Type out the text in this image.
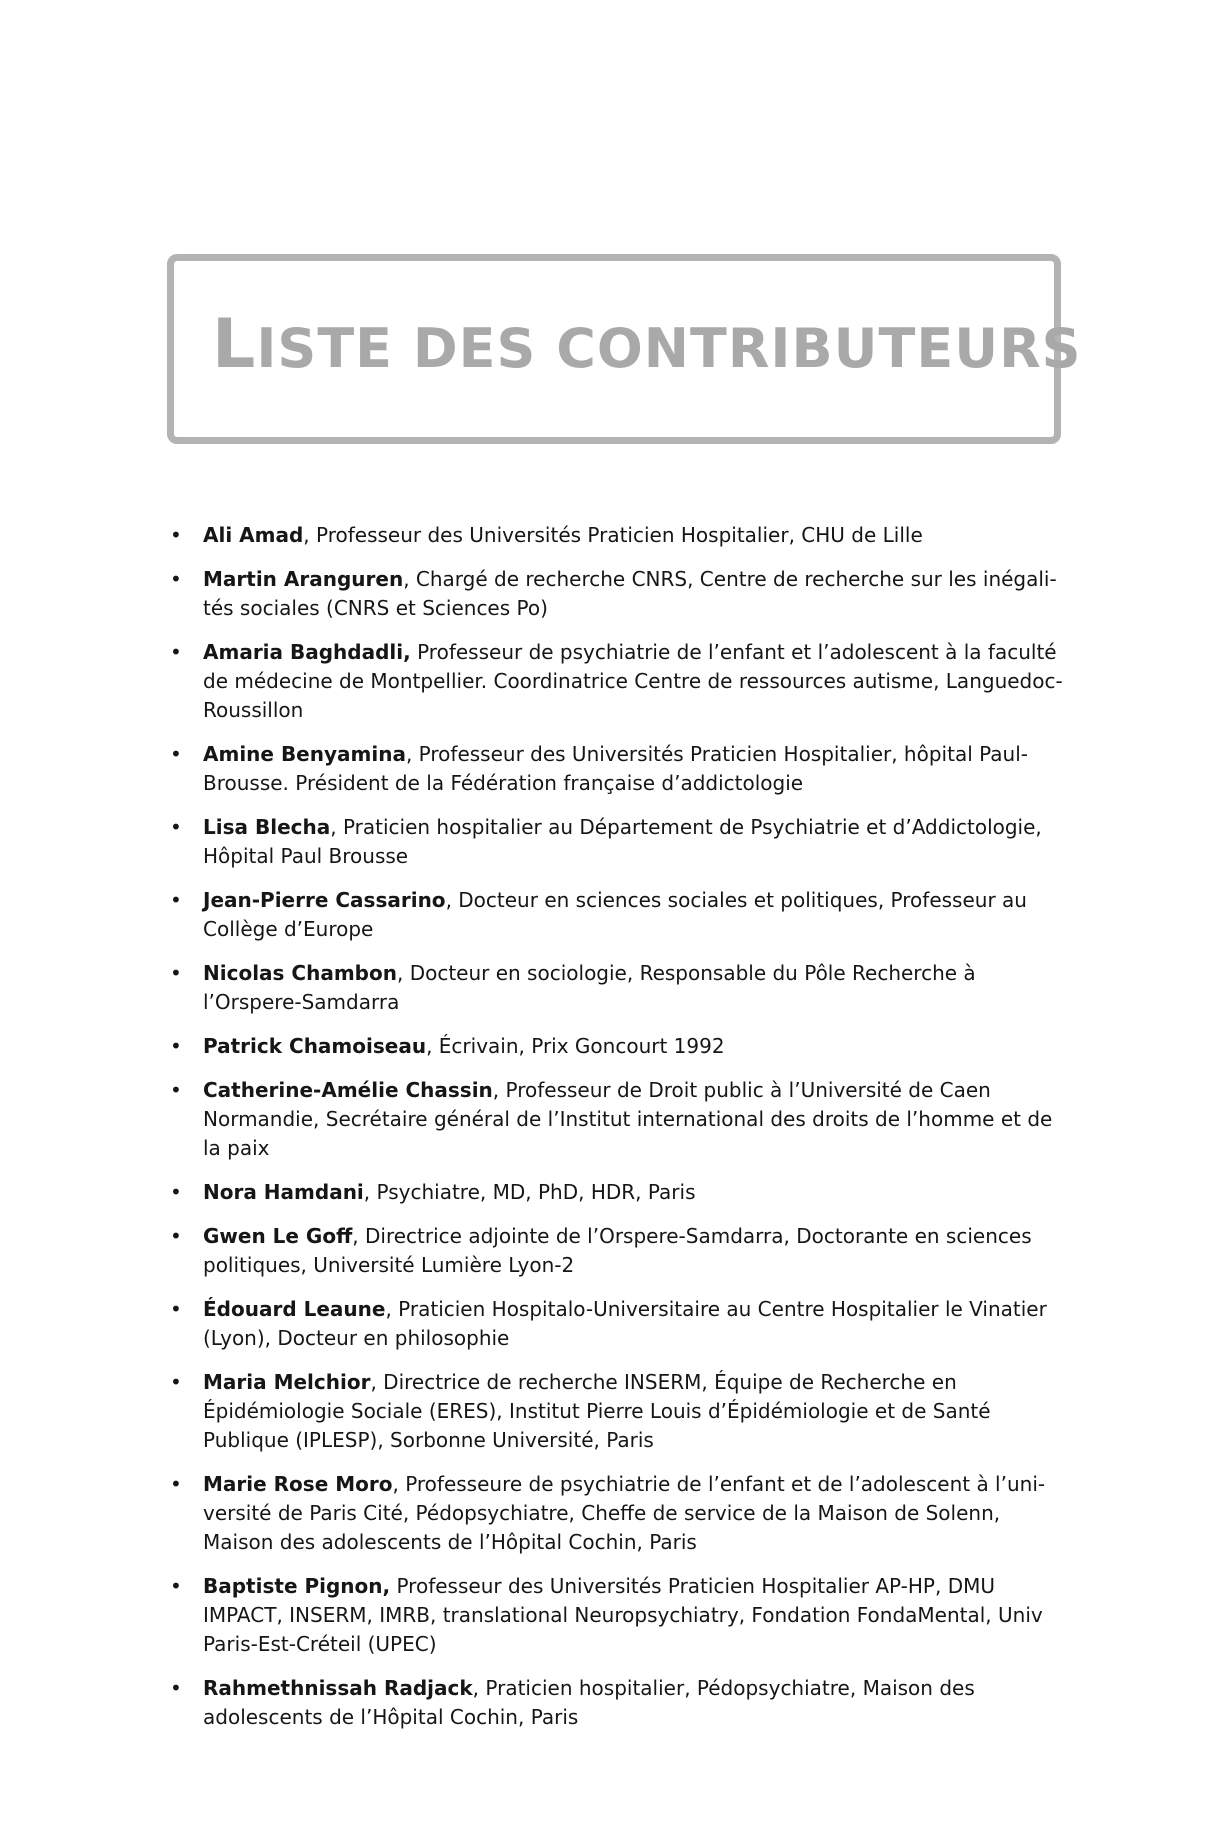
LISTE DES CONTRIBUTEURS
• Ali Amad, Professeur des Universités Praticien Hospitalier, CHU de Lille
• Martin Aranguren, Chargé de recherche CNRS, Centre de recherche sur les inégalités sociales (CNRS et Sciences Po)
• Amaria Baghdadli, Professeur de psychiatrie de l’enfant et l’adolescent à la faculté de médecine de Montpellier. Coordinatrice Centre de ressources autisme, Languedoc-Roussillon
• Amine Benyamina, Professeur des Universités Praticien Hospitalier, hôpital Paul-Brousse. Président de la Fédération française d’addictologie
• Lisa Blecha, Praticien hospitalier au Département de Psychiatrie et d’Addictologie, Hôpital Paul Brousse
• Jean-Pierre Cassarino, Docteur en sciences sociales et politiques, Professeur au Collège d’Europe
• Nicolas Chambon, Docteur en sociologie, Responsable du Pôle Recherche à l’Orspere-Samdarra
• Patrick Chamoiseau, Écrivain, Prix Goncourt 1992
• Catherine-Amélie Chassin, Professeur de Droit public à l’Université de Caen Normandie, Secrétaire général de l’Institut international des droits de l’homme et de la paix
• Nora Hamdani, Psychiatre, MD, PhD, HDR, Paris
• Gwen Le Goff, Directrice adjointe de l’Orspere-Samdarra, Doctorante en sciences politiques, Université Lumière Lyon-2
• Édouard Leaune, Praticien Hospitalo-Universitaire au Centre Hospitalier le Vinatier (Lyon), Docteur en philosophie
• Maria Melchior, Directrice de recherche INSERM, Équipe de Recherche en Épidémiologie Sociale (ERES), Institut Pierre Louis d’Épidémiologie et de Santé Publique (IPLESP), Sorbonne Université, Paris
• Marie Rose Moro, Professeure de psychiatrie de l’enfant et de l’adolescent à l’université de Paris Cité, Pédopsychiatre, Cheffe de service de la Maison de Solenn, Maison des adolescents de l’Hôpital Cochin, Paris
• Baptiste Pignon, Professeur des Universités Praticien Hospitalier AP-HP, DMU IMPACT, INSERM, IMRB, translational Neuropsychiatry, Fondation FondaMental, Univ Paris-Est-Créteil (UPEC)
• Rahmethnissah Radjack, Praticien hospitalier, Pédopsychiatre, Maison des adolescents de l’Hôpital Cochin, Paris
